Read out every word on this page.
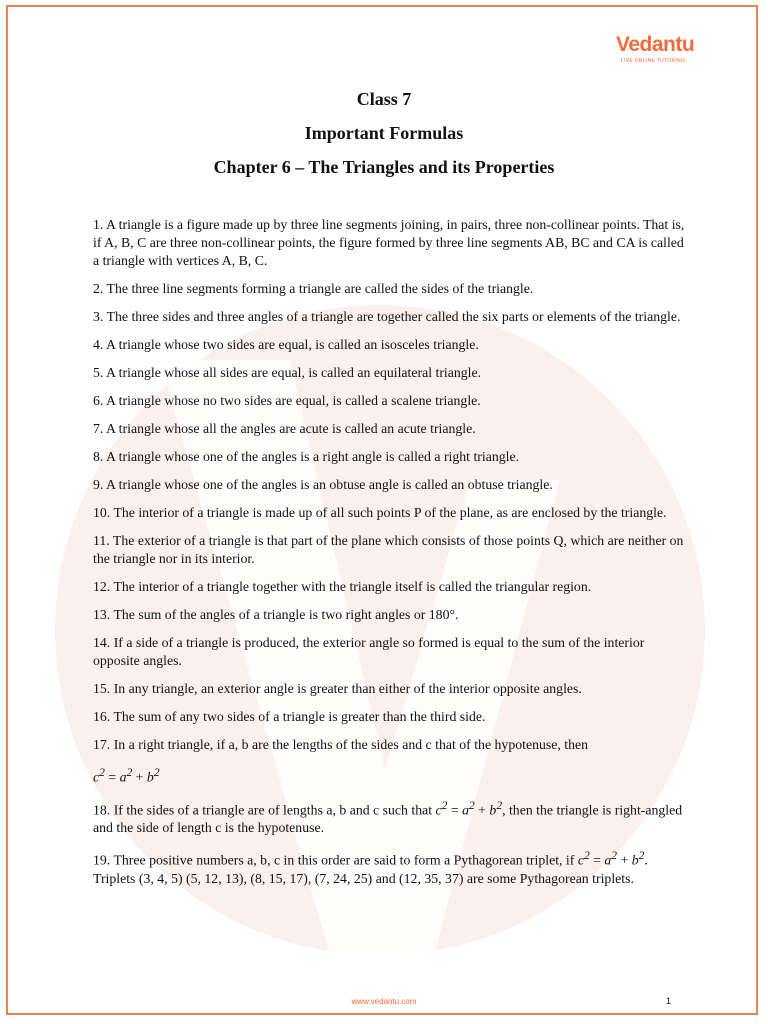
Vedantu
LIVE ONLINE TUTORING
Class 7
Important Formulas
Chapter 6 – The Triangles and its Properties

1. A triangle is a figure made up by three line segments joining, in pairs, three non-collinear points. That is, if A, B, C are three non-collinear points, the figure formed by three line segments AB, BC and CA is called a triangle with vertices A, B, C.

2. The three line segments forming a triangle are called the sides of the triangle.

3. The three sides and three angles of a triangle are together called the six parts or elements of the triangle.

4. A triangle whose two sides are equal, is called an isosceles triangle.

5. A triangle whose all sides are equal, is called an equilateral triangle.

6. A triangle whose no two sides are equal, is called a scalene triangle.

7. A triangle whose all the angles are acute is called an acute triangle.

8. A triangle whose one of the angles is a right angle is called a right triangle.

9. A triangle whose one of the angles is an obtuse angle is called an obtuse triangle.

10. The interior of a triangle is made up of all such points P of the plane, as are enclosed by the triangle.

11. The exterior of a triangle is that part of the plane which consists of those points Q, which are neither on the triangle nor in its interior.

12. The interior of a triangle together with the triangle itself is called the triangular region.

13. The sum of the angles of a triangle is two right angles or 180°.

14. If a side of a triangle is produced, the exterior angle so formed is equal to the sum of the interior opposite angles.

15. In any triangle, an exterior angle is greater than either of the interior opposite angles.

16. The sum of any two sides of a triangle is greater than the third side.

17. In a right triangle, if a, b are the lengths of the sides and c that of the hypotenuse, then

$c^2 = a^2 + b^2$

18. If the sides of a triangle are of lengths a, b and c such that $c^2 = a^2 + b^2$, then the triangle is right-angled and the side of length c is the hypotenuse.

19. Three positive numbers a, b, c in this order are said to form a Pythagorean triplet, if $c^2 = a^2 + b^2$. Triplets (3, 4, 5) (5, 12, 13), (8, 15, 17), (7, 24, 25) and (12, 35, 37) are some Pythagorean triplets.

www.vedantu.com	1
